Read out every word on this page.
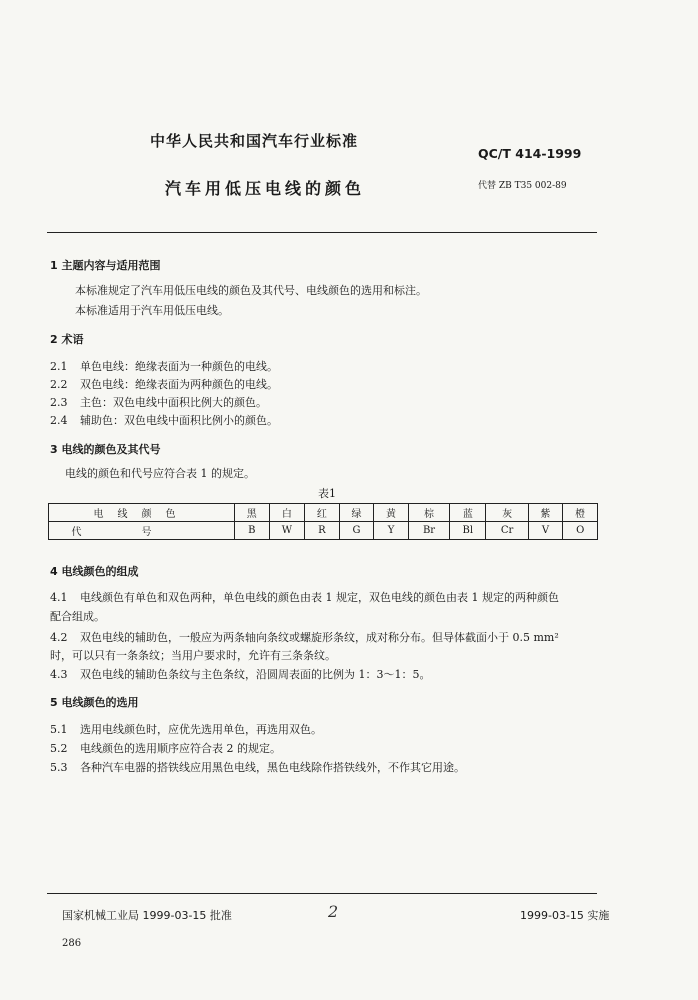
中华人民共和国汽车行业标准
QC/T 414-1999
汽车用低压电线的颜色	代替 ZB T35 002-89
1 主题内容与适用范围
本标准规定了汽车用低压电线的颜色及其代号、电线颜色的选用和标注。
本标准适用于汽车用低压电线。
2 术语
2.1 单色电线：绝缘表面为一种颜色的电线。
2.2 双色电线：绝缘表面为两种颜色的电线。
2.3 主色：双色电线中面积比例大的颜色。
2.4 辅助色：双色电线中面积比例小的颜色。
3 电线的颜色及其代号
电线的颜色和代号应符合表 1 的规定。
表1
电线颜色	黑	白	红	绿	黄	棕	蓝	灰	紫	橙
代号	B	W	R	G	Y	Br	Bl	Cr	V	O
4 电线颜色的组成
4.1 电线颜色有单色和双色两种，单色电线的颜色由表 1 规定，双色电线的颜色由表 1 规定的两种颜色
配合组成。
4.2 双色电线的辅助色，一般应为两条轴向条纹或螺旋形条纹，成对称分布。但导体截面小于 0.5 mm²
时，可以只有一条条纹；当用户要求时，允许有三条条纹。
4.3 双色电线的辅助色条纹与主色条纹，沿圆周表面的比例为 1：3～1：5。
5 电线颜色的选用
5.1 选用电线颜色时，应优先选用单色，再选用双色。
5.2 电线颜色的选用顺序应符合表 2 的规定。
5.3 各种汽车电器的搭铁线应用黑色电线，黑色电线除作搭铁线外，不作其它用途。
2
国家机械工业局 1999-03-15 批准	1999-03-15 实施
286
